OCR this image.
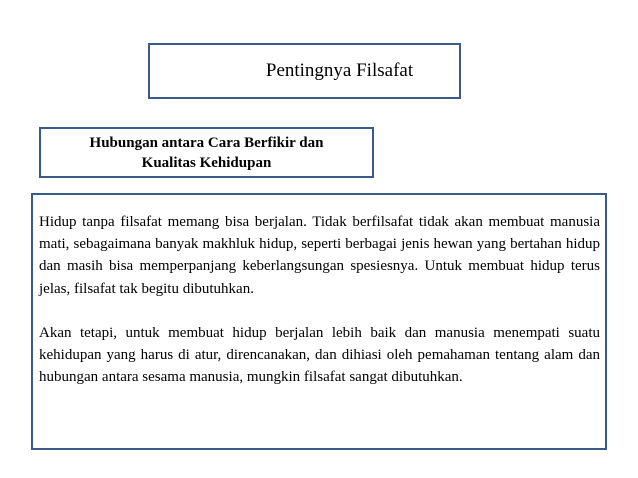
Pentingnya Filsafat
Hubungan antara Cara Berfikir dan Kualitas Kehidupan

Hidup tanpa filsafat memang bisa berjalan. Tidak berfilsafat tidak akan membuat manusia mati, sebagaimana banyak makhluk hidup, seperti berbagai jenis hewan yang bertahan hidup dan masih bisa memperpanjang keberlangsungan spesiesnya. Untuk membuat hidup terus jelas, filsafat tak begitu dibutuhkan.

Akan tetapi, untuk membuat hidup berjalan lebih baik dan manusia menempati suatu kehidupan yang harus di atur, direncanakan, dan dihiasi oleh pemahaman tentang alam dan hubungan antara sesama manusia, mungkin filsafat sangat dibutuhkan.
